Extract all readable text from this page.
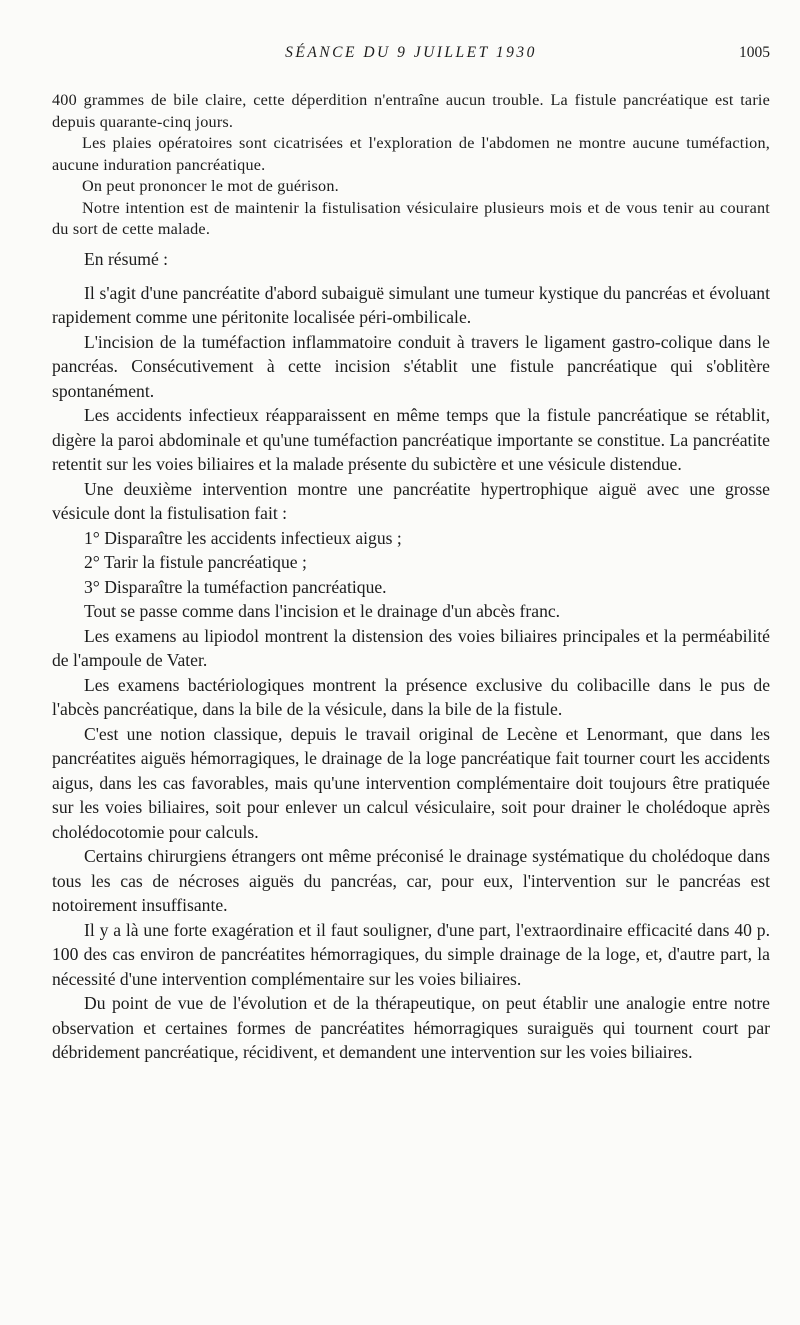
SÉANCE DU 9 JUILLET 1930	1005

400 grammes de bile claire, cette déperdition n'entraîne aucun trouble. La fistule pancréatique est tarie depuis quarante-cinq jours.

Les plaies opératoires sont cicatrisées et l'exploration de l'abdomen ne montre aucune tuméfaction, aucune induration pancréatique.

On peut prononcer le mot de guérison.

Notre intention est de maintenir la fistulisation vésiculaire plusieurs mois et de vous tenir au courant du sort de cette malade.

En résumé :

Il s'agit d'une pancréatite d'abord subaiguë simulant une tumeur kystique du pancréas et évoluant rapidement comme une péritonite localisée péri-ombilicale.

L'incision de la tuméfaction inflammatoire conduit à travers le ligament gastro-colique dans le pancréas. Consécutivement à cette incision s'établit une fistule pancréatique qui s'oblitère spontanément.

Les accidents infectieux réapparaissent en même temps que la fistule pancréatique se rétablit, digère la paroi abdominale et qu'une tuméfaction pancréatique importante se constitue. La pancréatite retentit sur les voies biliaires et la malade présente du subictère et une vésicule distendue.

Une deuxième intervention montre une pancréatite hypertrophique aiguë avec une grosse vésicule dont la fistulisation fait :

1° Disparaître les accidents infectieux aigus ;

2° Tarir la fistule pancréatique ;

3° Disparaître la tuméfaction pancréatique.

Tout se passe comme dans l'incision et le drainage d'un abcès franc.

Les examens au lipiodol montrent la distension des voies biliaires principales et la perméabilité de l'ampoule de Vater.

Les examens bactériologiques montrent la présence exclusive du colibacille dans le pus de l'abcès pancréatique, dans la bile de la vésicule, dans la bile de la fistule.

C'est une notion classique, depuis le travail original de Lecène et Lenormant, que dans les pancréatites aiguës hémorragiques, le drainage de la loge pancréatique fait tourner court les accidents aigus, dans les cas favorables, mais qu'une intervention complémentaire doit toujours être pratiquée sur les voies biliaires, soit pour enlever un calcul vésiculaire, soit pour drainer le cholédoque après cholédocotomie pour calculs.

Certains chirurgiens étrangers ont même préconisé le drainage systématique du cholédoque dans tous les cas de nécroses aiguës du pancréas, car, pour eux, l'intervention sur le pancréas est notoirement insuffisante.

Il y a là une forte exagération et il faut souligner, d'une part, l'extraordinaire efficacité dans 40 p. 100 des cas environ de pancréatites hémorragiques, du simple drainage de la loge, et, d'autre part, la nécessité d'une intervention complémentaire sur les voies biliaires.

Du point de vue de l'évolution et de la thérapeutique, on peut établir une analogie entre notre observation et certaines formes de pancréatites hémorragiques suraiguës qui tournent court par débridement pancréatique, récidivent, et demandent une intervention sur les voies biliaires.
